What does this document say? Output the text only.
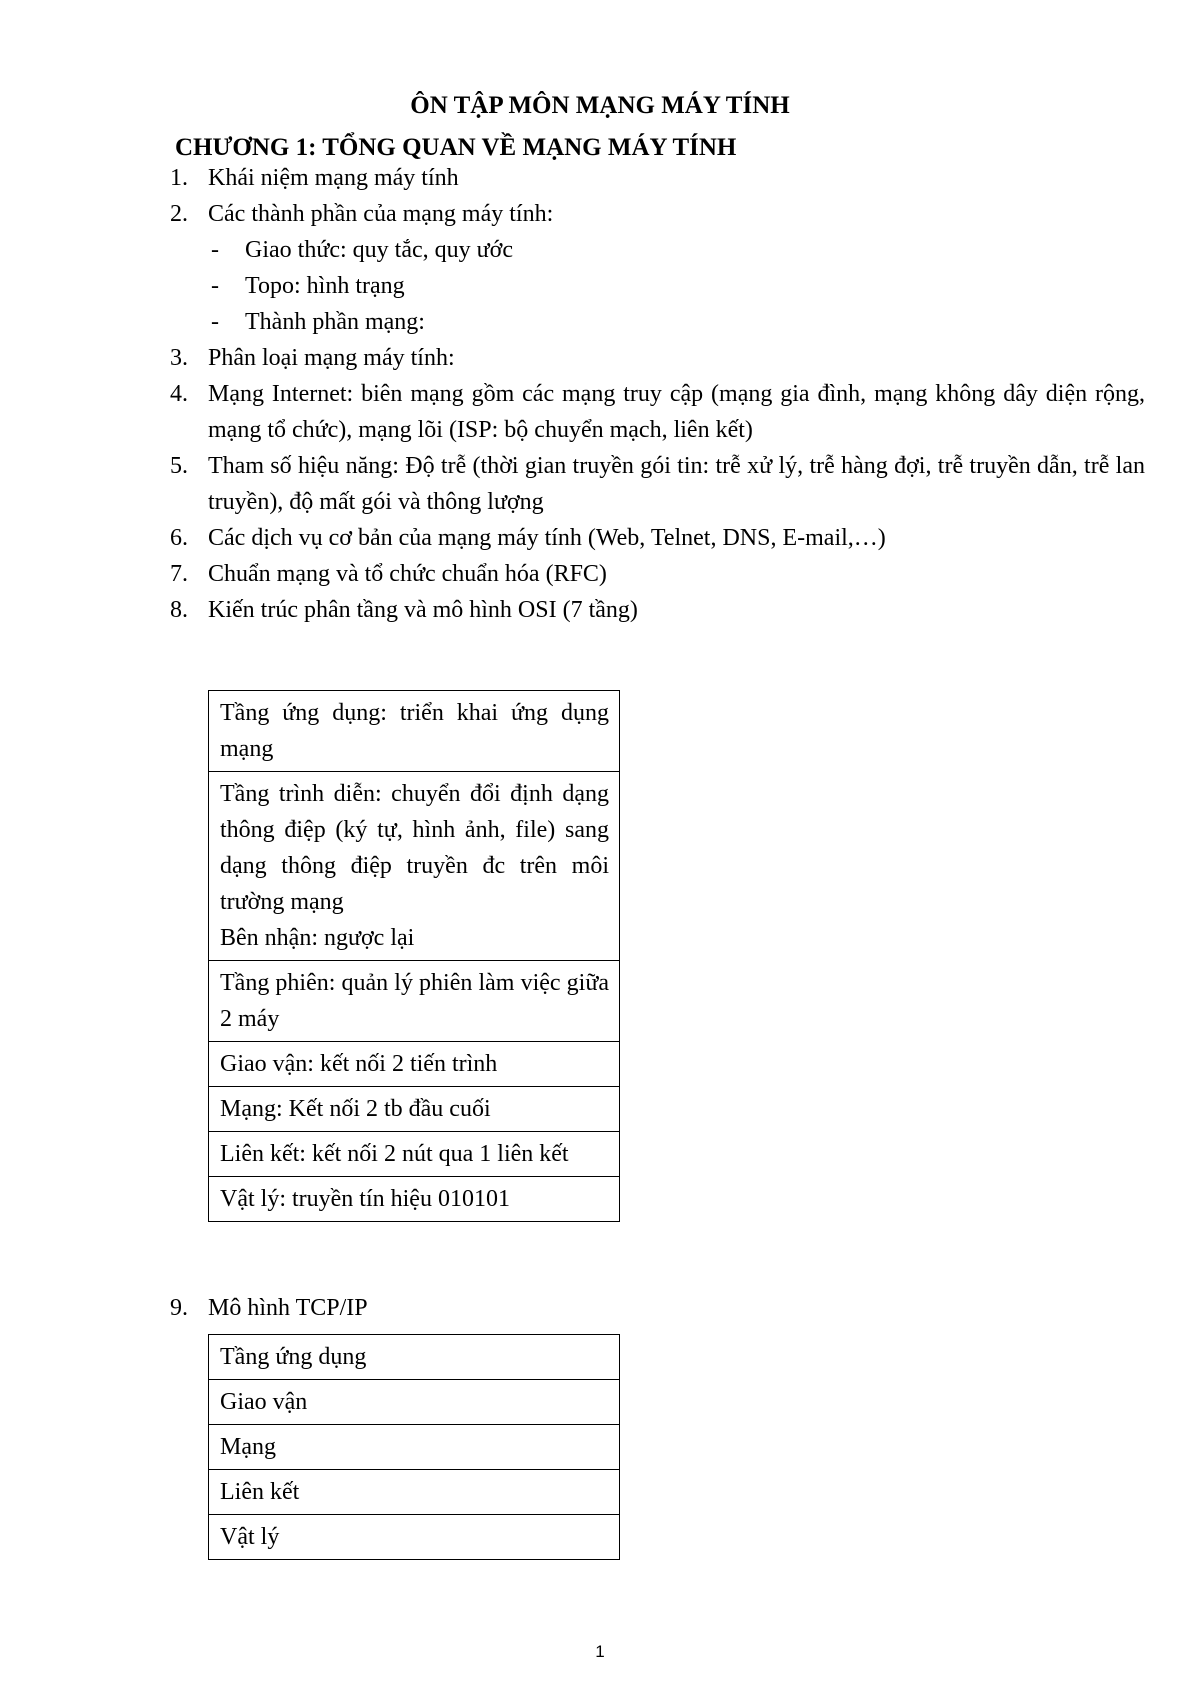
ÔN TẬP MÔN MẠNG MÁY TÍNH
CHƯƠNG 1: TỔNG QUAN VỀ MẠNG MÁY TÍNH
1. Khái niệm mạng máy tính
2. Các thành phần của mạng máy tính:
- Giao thức: quy tắc, quy ước
- Topo: hình trạng
- Thành phần mạng:
3. Phân loại mạng máy tính:
4. Mạng Internet: biên mạng gồm các mạng truy cập (mạng gia đình, mạng không dây diện rộng, mạng tổ chức), mạng lõi (ISP: bộ chuyển mạch, liên kết)
5. Tham số hiệu năng: Độ trễ (thời gian truyền gói tin: trễ xử lý, trễ hàng đợi, trễ truyền dẫn, trễ lan truyền), độ mất gói và thông lượng
6. Các dịch vụ cơ bản của mạng máy tính (Web, Telnet, DNS, E-mail,…)
7. Chuẩn mạng và tổ chức chuẩn hóa (RFC)
8. Kiến trúc phân tầng và mô hình OSI (7 tầng)
Tầng ứng dụng: triển khai ứng dụng mạng
Tầng trình diễn: chuyển đổi định dạng thông điệp (ký tự, hình ảnh, file) sang dạng thông điệp truyền đc trên môi trường mạng
Bên nhận: ngược lại
Tầng phiên: quản lý phiên làm việc giữa 2 máy
Giao vận: kết nối 2 tiến trình
Mạng: Kết nối 2 tb đầu cuối
Liên kết: kết nối 2 nút qua 1 liên kết
Vật lý: truyền tín hiệu 010101
9. Mô hình TCP/IP
Tầng ứng dụng
Giao vận
Mạng
Liên kết
Vật lý
1
